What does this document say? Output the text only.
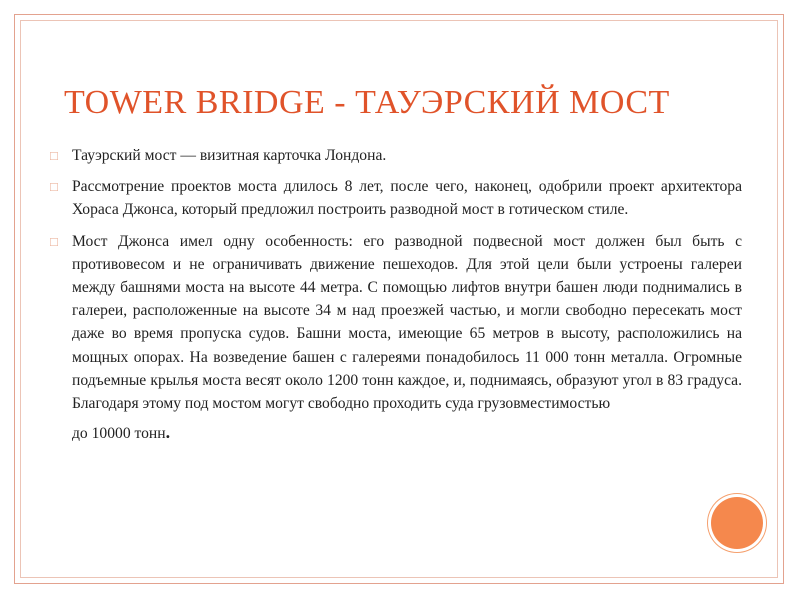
TOWER BRIDGE - ТАУЭРСКИЙ МОСТ
□ Тауэрский мост — визитная карточка Лондона.
□ Рассмотрение проектов моста длилось 8 лет, после чего, наконец, одобрили проект архитектора Хораса Джонса, который предложил построить разводной мост в готическом стиле.
□ Мост Джонса имел одну особенность: его разводной подвесной мост должен был быть с противовесом и не ограничивать движение пешеходов. Для этой цели были устроены галереи между башнями моста на высоте 44 метра. С помощью лифтов внутри башен люди поднимались в галереи, расположенные на высоте 34 м над проезжей частью, и могли свободно пересекать мост даже во время пропуска судов. Башни моста, имеющие 65 метров в высоту, расположились на мощных опорах. На возведение башен с галереями понадобилось 11 000 тонн металла. Огромные подъемные крылья моста весят около 1200 тонн каждое, и, поднимаясь, образуют угол в 83 градуса. Благодаря этому под мостом могут свободно проходить суда грузовместимостью
до 10000 тонн.
